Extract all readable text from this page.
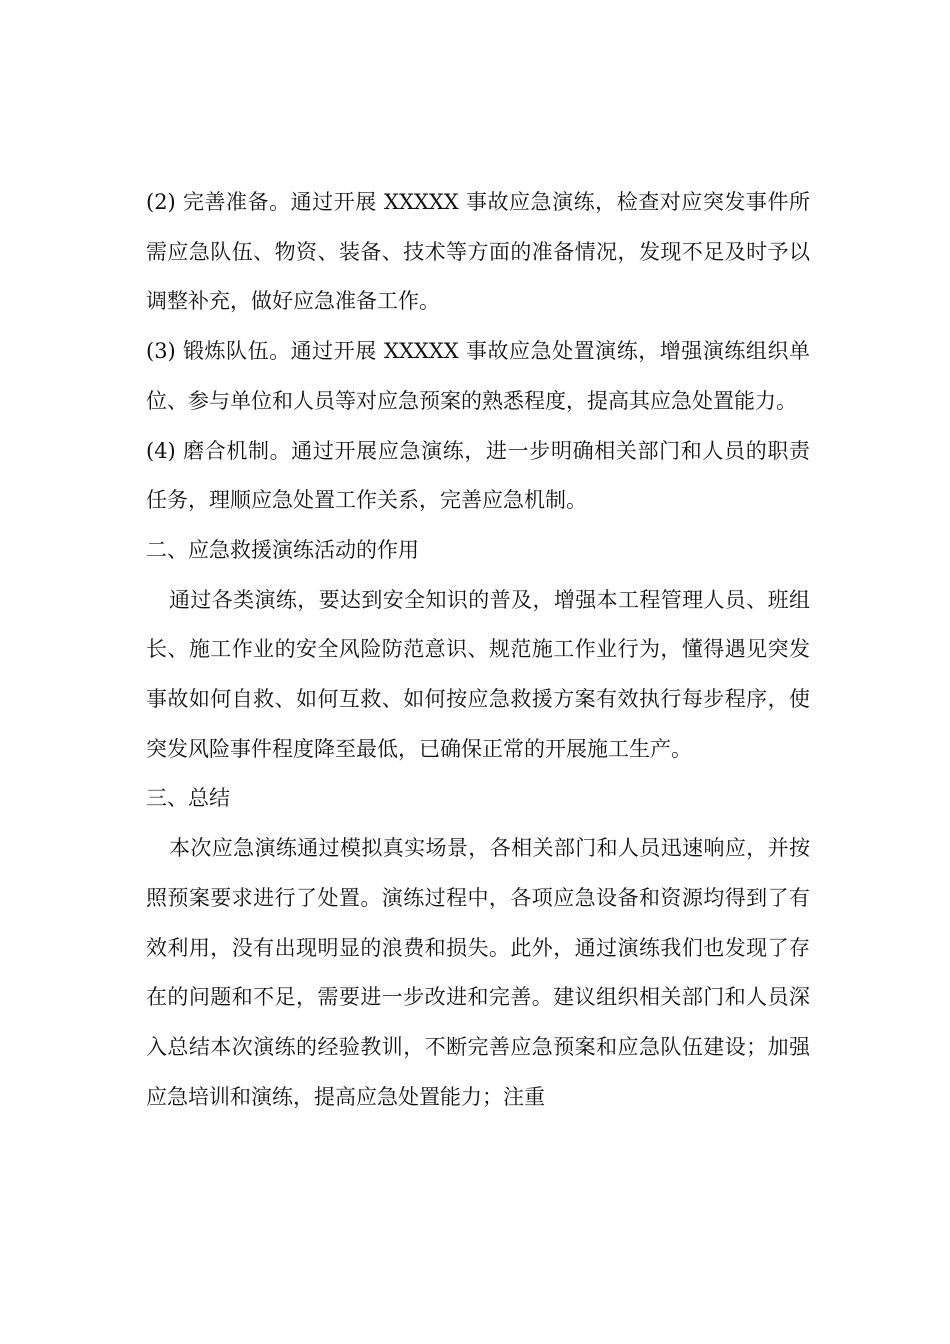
(2) 完善准备。通过开展 XXXXX 事故应急演练，检查对应突发事件所需应急队伍、物资、装备、技术等方面的准备情况，发现不足及时予以调整补充，做好应急准备工作。

(3) 锻炼队伍。通过开展 XXXXX 事故应急处置演练，增强演练组织单位、参与单位和人员等对应急预案的熟悉程度，提高其应急处置能力。

(4) 磨合机制。通过开展应急演练，进一步明确相关部门和人员的职责任务，理顺应急处置工作关系，完善应急机制。

二、应急救援演练活动的作用

通过各类演练，要达到安全知识的普及，增强本工程管理人员、班组长、施工作业的安全风险防范意识、规范施工作业行为，懂得遇见突发事故如何自救、如何互救、如何按应急救援方案有效执行每步程序，使突发风险事件程度降至最低，已确保正常的开展施工生产。

三、总结

本次应急演练通过模拟真实场景，各相关部门和人员迅速响应，并按照预案要求进行了处置。演练过程中，各项应急设备和资源均得到了有效利用，没有出现明显的浪费和损失。此外，通过演练我们也发现了存在的问题和不足，需要进一步改进和完善。建议组织相关部门和人员深入总结本次演练的经验教训，不断完善应急预案和应急队伍建设；加强应急培训和演练，提高应急处置能力；注重
